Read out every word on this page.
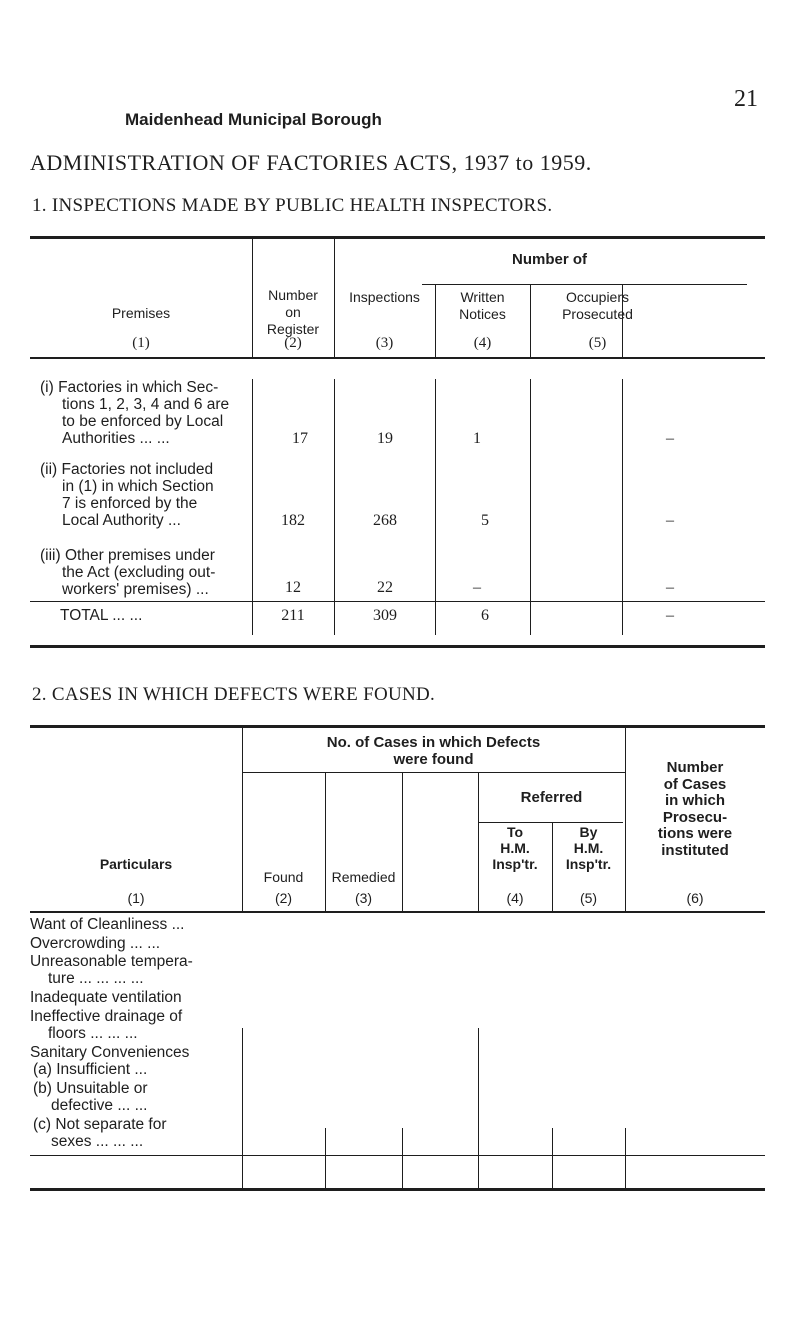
21
Maidenhead Municipal Borough
ADMINISTRATION OF FACTORIES ACTS, 1937 to 1959.
1. INSPECTIONS MADE BY PUBLIC HEALTH INSPECTORS.
Premises
(1)
Number
on
Register
(2)
Number of
Inspections
(3)
Written
Notices
(4)
Occupiers
Prosecuted
(5)
(i) Factories in which Sec-
tions 1, 2, 3, 4 and 6 are
to be enforced by Local
Authorities ... ...	17	19	1	–
(ii) Factories not included
in (1) in which Section
7 is enforced by the
Local Authority ...	182	268	5	–
(iii) Other premises under
the Act (excluding out-
workers' premises) ...	12	22	–	–
TOTAL ... ...	211	309	6	–
2. CASES IN WHICH DEFECTS WERE FOUND.
Particulars
(1)
No. of Cases in which Defects
were found
Found
(2)
Remedied
(3)
Referred
To
H.M.
Insp'tr.
(4)
By
H.M.
Insp'tr.
(5)
Number
of Cases
in which
Prosecu-
tions were
instituted
(6)
Want of Cleanliness ...
Overcrowding ... ...
Unreasonable tempera-
ture ... ... ... ...
Inadequate ventilation
Ineffective drainage of
floors ... ... ...
Sanitary Conveniences
(a) Insufficient ...
(b) Unsuitable or
defective ... ...
(c) Not separate for
sexes ... ... ...
